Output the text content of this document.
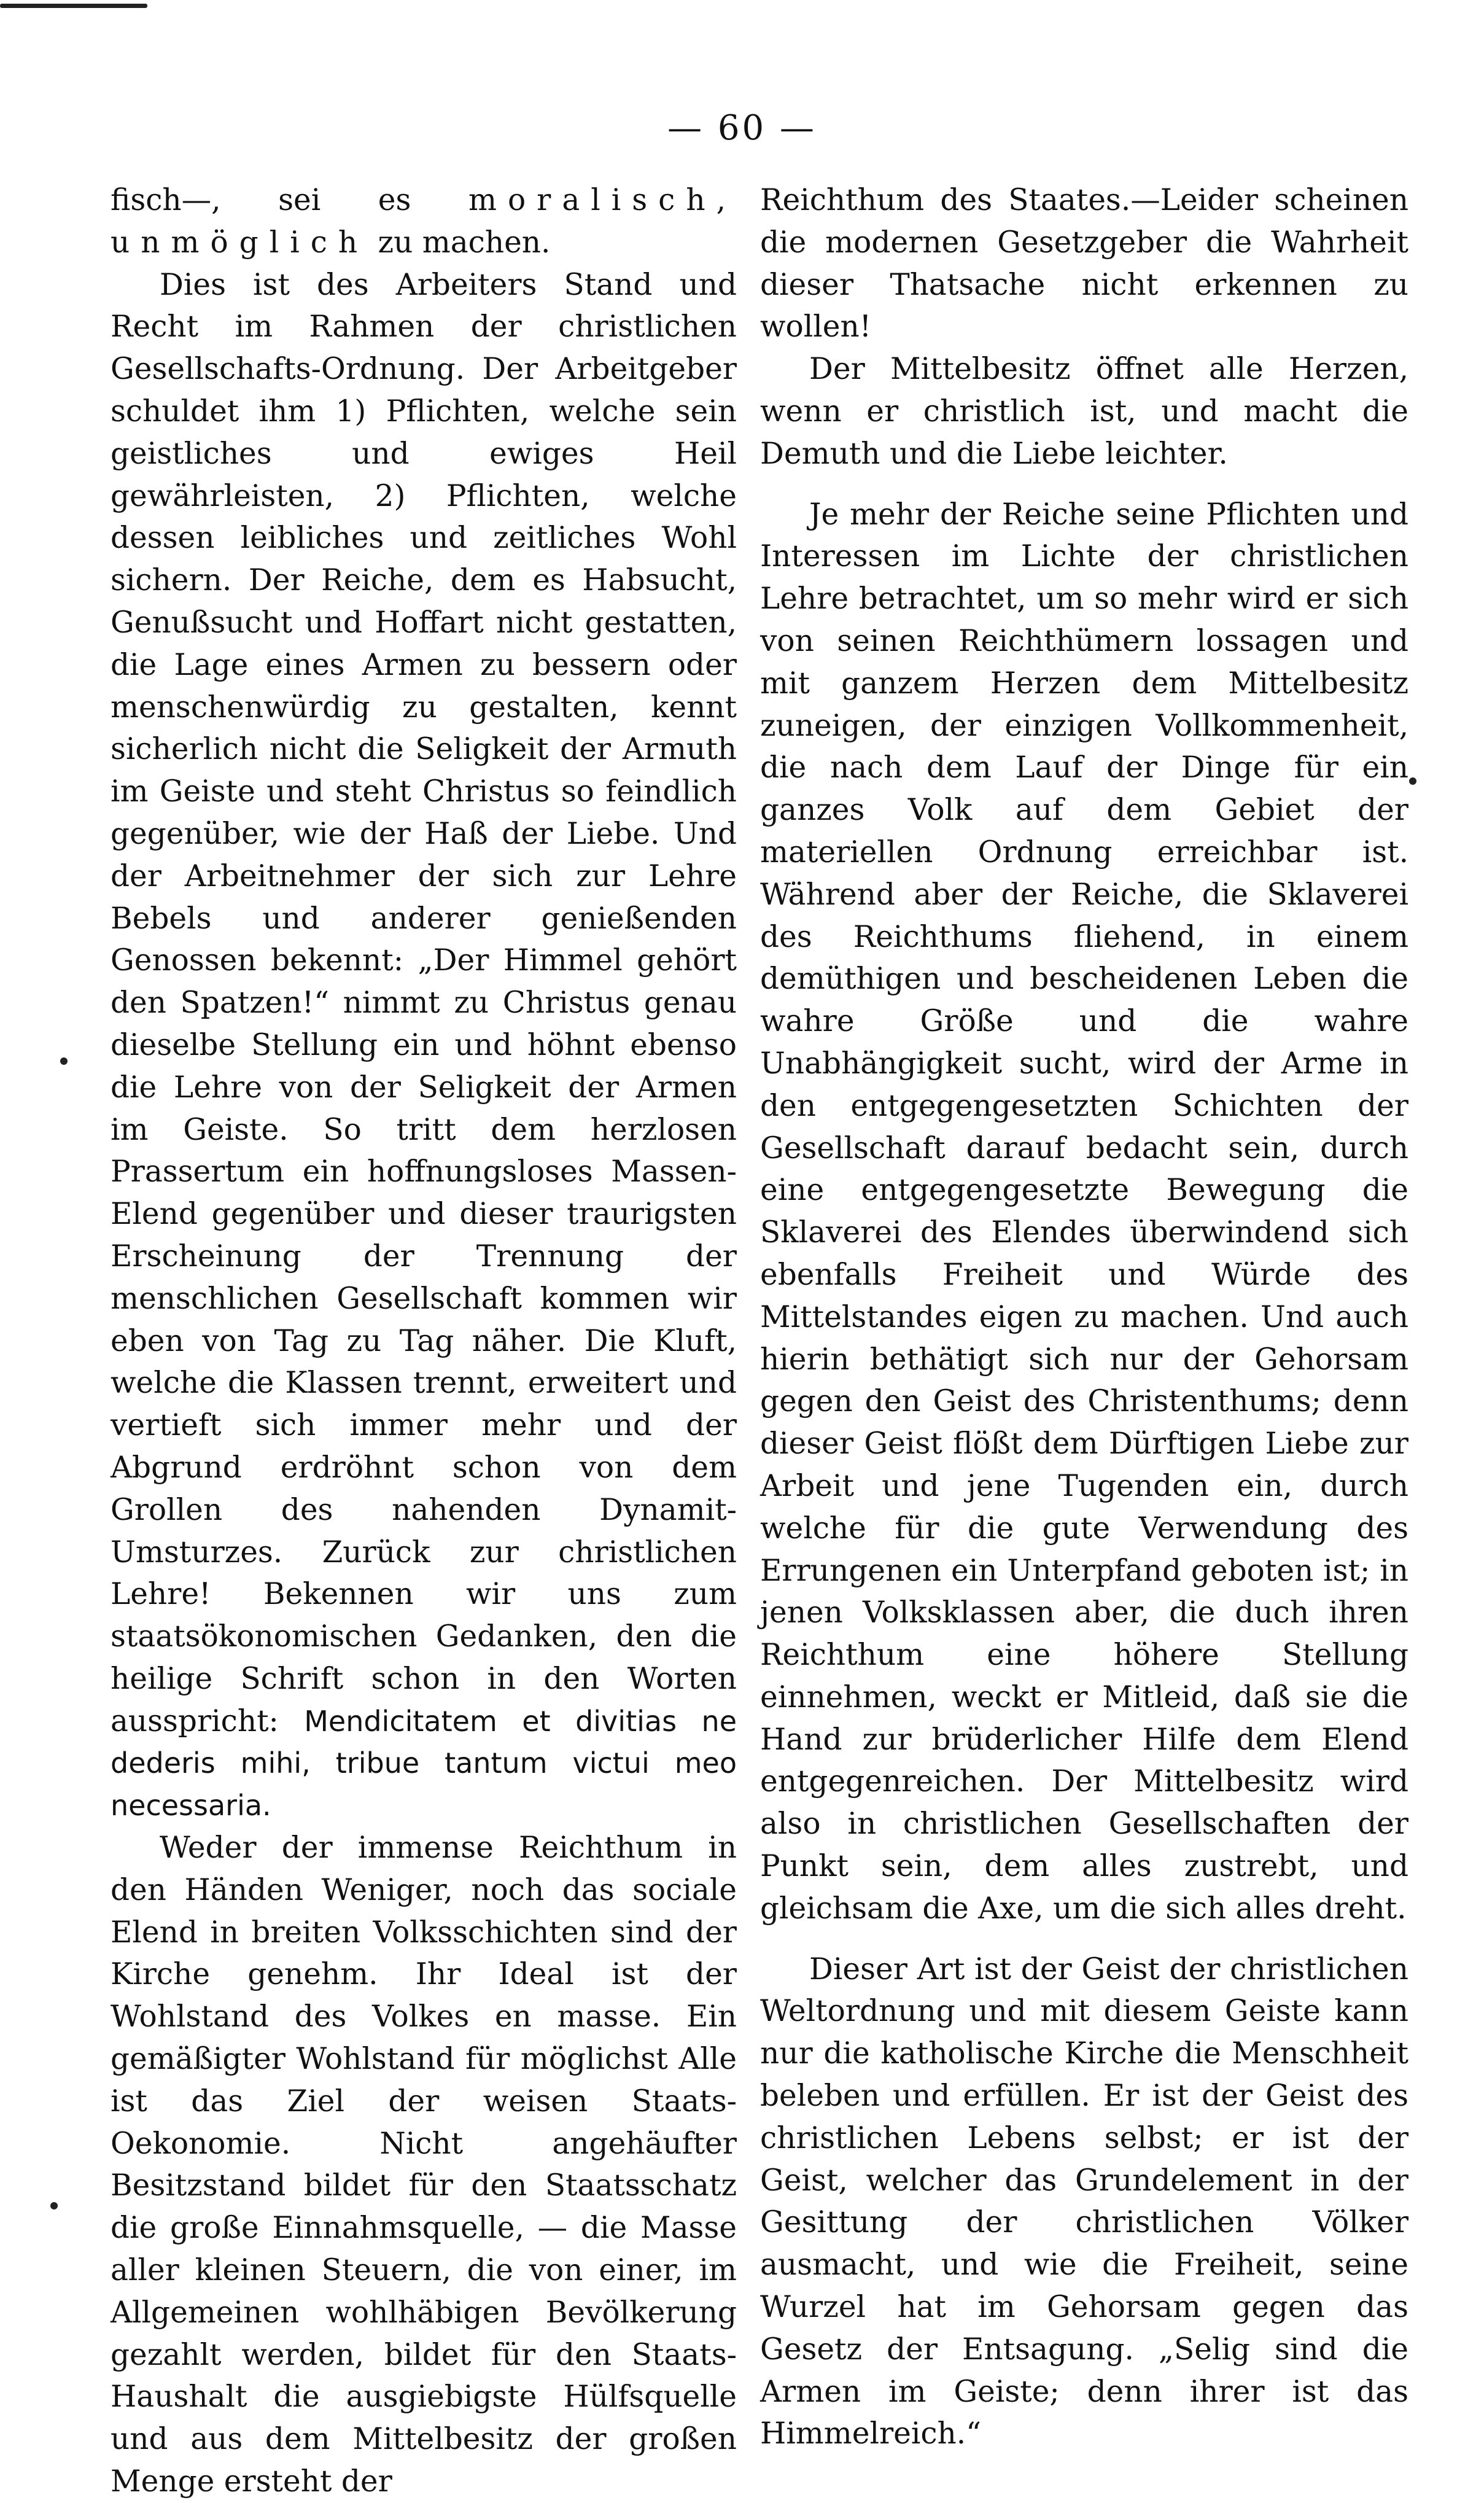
— 60 —

fisch—, sei es moralisch, unmöglich zu machen.

Dies ist des Arbeiters Stand und Recht im Rahmen der christlichen Gesellschafts-Ordnung. Der Arbeitgeber schuldet ihm 1) Pflichten, welche sein geistliches und ewiges Heil gewährleisten, 2) Pflichten, welche dessen leibliches und zeitliches Wohl sichern. Der Reiche, dem es Habsucht, Genußsucht und Hoffart nicht gestatten, die Lage eines Armen zu bessern oder menschenwürdig zu gestalten, kennt sicherlich nicht die Seligkeit der Armuth im Geiste und steht Christus so feindlich gegenüber, wie der Haß der Liebe. Und der Arbeitnehmer der sich zur Lehre Bebels und anderer genießenden Genossen bekennt: „Der Himmel gehört den Spatzen!“ nimmt zu Christus genau dieselbe Stellung ein und höhnt ebenso die Lehre von der Seligkeit der Armen im Geiste. So tritt dem herzlosen Prassertum ein hoffnungsloses Massen-Elend gegenüber und dieser traurigsten Erscheinung der Trennung der menschlichen Gesellschaft kommen wir eben von Tag zu Tag näher. Die Kluft, welche die Klassen trennt, erweitert und vertieft sich immer mehr und der Abgrund erdröhnt schon von dem Grollen des nahenden Dynamit-Umsturzes. Zurück zur christlichen Lehre! Bekennen wir uns zum staatsökonomischen Gedanken, den die heilige Schrift schon in den Worten ausspricht: Mendicitatem et divitias ne dederis mihi, tribue tantum victui meo necessaria.

Weder der immense Reichthum in den Händen Weniger, noch das sociale Elend in breiten Volksschichten sind der Kirche genehm. Ihr Ideal ist der Wohlstand des Volkes en masse. Ein gemäßigter Wohlstand für möglichst Alle ist das Ziel der weisen Staats-Oekonomie. Nicht angehäufter Besitzstand bildet für den Staatsschatz die große Einnahmsquelle, — die Masse aller kleinen Steuern, die von einer, im Allgemeinen wohlhäbigen Bevölkerung gezahlt werden, bildet für den Staats-Haushalt die ausgiebigste Hülfsquelle und aus dem Mittelbesitz der großen Menge ersteht der

Reichthum des Staates.—Leider scheinen die modernen Gesetzgeber die Wahrheit dieser Thatsache nicht erkennen zu wollen!

Der Mittelbesitz öffnet alle Herzen, wenn er christlich ist, und macht die Demuth und die Liebe leichter.

Je mehr der Reiche seine Pflichten und Interessen im Lichte der christlichen Lehre betrachtet, um so mehr wird er sich von seinen Reichthümern lossagen und mit ganzem Herzen dem Mittelbesitz zuneigen, der einzigen Vollkommenheit, die nach dem Lauf der Dinge für ein ganzes Volk auf dem Gebiet der materiellen Ordnung erreichbar ist. Während aber der Reiche, die Sklaverei des Reichthums fliehend, in einem demüthigen und bescheidenen Leben die wahre Größe und die wahre Unabhängigkeit sucht, wird der Arme in den entgegengesetzten Schichten der Gesellschaft darauf bedacht sein, durch eine entgegengesetzte Bewegung die Sklaverei des Elendes überwindend sich ebenfalls Freiheit und Würde des Mittelstandes eigen zu machen. Und auch hierin bethätigt sich nur der Gehorsam gegen den Geist des Christenthums; denn dieser Geist flößt dem Dürftigen Liebe zur Arbeit und jene Tugenden ein, durch welche für die gute Verwendung des Errungenen ein Unterpfand geboten ist; in jenen Volksklassen aber, die duch ihren Reichthum eine höhere Stellung einnehmen, weckt er Mitleid, daß sie die Hand zur brüderlicher Hilfe dem Elend entgegenreichen. Der Mittelbesitz wird also in christlichen Gesellschaften der Punkt sein, dem alles zustrebt, und gleichsam die Axe, um die sich alles dreht.

Dieser Art ist der Geist der christlichen Weltordnung und mit diesem Geiste kann nur die katholische Kirche die Menschheit beleben und erfüllen. Er ist der Geist des christlichen Lebens selbst; er ist der Geist, welcher das Grundelement in der Gesittung der christlichen Völker ausmacht, und wie die Freiheit, seine Wurzel hat im Gehorsam gegen das Gesetz der Entsagung. „Selig sind die Armen im Geiste; denn ihrer ist das Himmelreich.“
